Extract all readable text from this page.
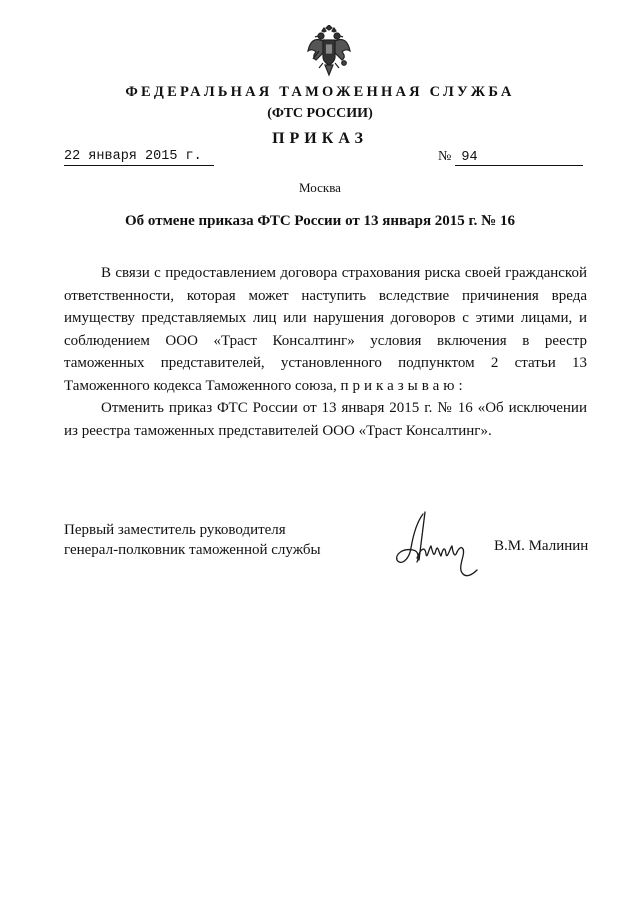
ФЕДЕРАЛЬНАЯ ТАМОЖЕННАЯ СЛУЖБА
(ФТС РОССИИ)
ПРИКАЗ
22 января 2015 г.	№ 94
Москва
Об отмене приказа ФТС России от 13 января 2015 г. № 16

В связи с предоставлением договора страхования риска своей гражданской ответственности, которая может наступить вследствие причинения вреда имуществу представляемых лиц или нарушения договоров с этими лицами, и соблюдением ООО «Траст Консалтинг» условия включения в реестр таможенных представителей, установленного подпунктом 2 статьи 13 Таможенного кодекса Таможенного союза, приказываю:

Отменить приказ ФТС России от 13 января 2015 г. № 16 «Об исключении из реестра таможенных представителей ООО «Траст Консалтинг».

Первый заместитель руководителя
генерал-полковник таможенной службы	В.М. Малинин
